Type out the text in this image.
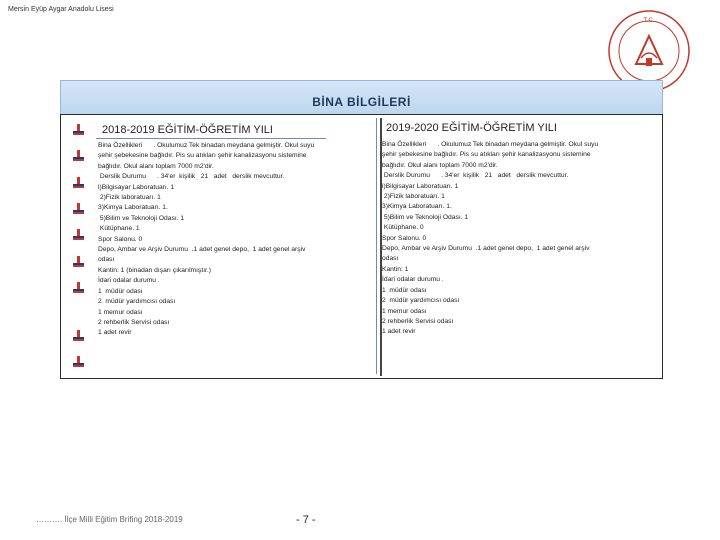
Mersin Eyüp Aygar Anadolu Lisesi
T.C.
BİNA BİLGİLERİ
2018-2019 EĞİTİM-ÖĞRETİM YILI	2019-2020 EĞİTİM-ÖĞRETİM YILI
Bina Özellikleri      . Okulumuz Tek binadan meydana gelmiştir. Okul suyu
şehir şebekesine bağlıdır. Pis su atıkları şehir kanalizasyonu sistemine
bağlıdır. Okul alanı toplam 7000 m2'dir.
Derslik Durumu      . 34'er  kişilik   21   adet   derslik mevcuttur.
l)Bilgisayar Laboratuarı. 1
2)Fizik laboratuarı. 1
3)Kimya Laboratuarı. 1.
5)Bilim ve Teknoloji Odası. 1
Kütüphane. 1
Spor Salonu. 0
Depo, Ambar ve Arşiv Durumu  .1 adet genel depo,  1 adet genel arşiv
odası
Kantin: 1 (binadan dışarı çıkarılmıştır.)
İdari odalar durumu .
1  müdür odası
2  müdür yardımcısı odası
1 memur odası
2 rehberlik Servisi odası
1 adet revir
Bina Özellikleri      . Okulumuz Tek binadan meydana gelmiştir. Okul suyu
şehir şebekesine bağlıdır. Pis su atıkları şehir kanalizasyonu sistemine
bağlıdır. Okul alanı toplam 7000 m2'dir.
Derslik Durumu      . 34'er  kişilik   21   adet   derslik mevcuttur.
l)Bilgisayar Laboratuarı. 1
2)Fizik laboratuarı. 1
3)Kimya Laboratuarı. 1.
5)Bilim ve Teknoloji Odası. 1
Kütüphane. 0
Spor Salonu. 0
Depo, Ambar ve Arşiv Durumu  .1 adet genel depo,  1 adet genel arşiv
odası
Kantin: 1
İdari odalar durumu .
1  müdür odası
2  müdür yardımcısı odası
1 memur odası
2 rehberlik Servisi odası
1 adet revir
………. İlçe Milli Eğitim Brifing 2018-2019	- 7 -
